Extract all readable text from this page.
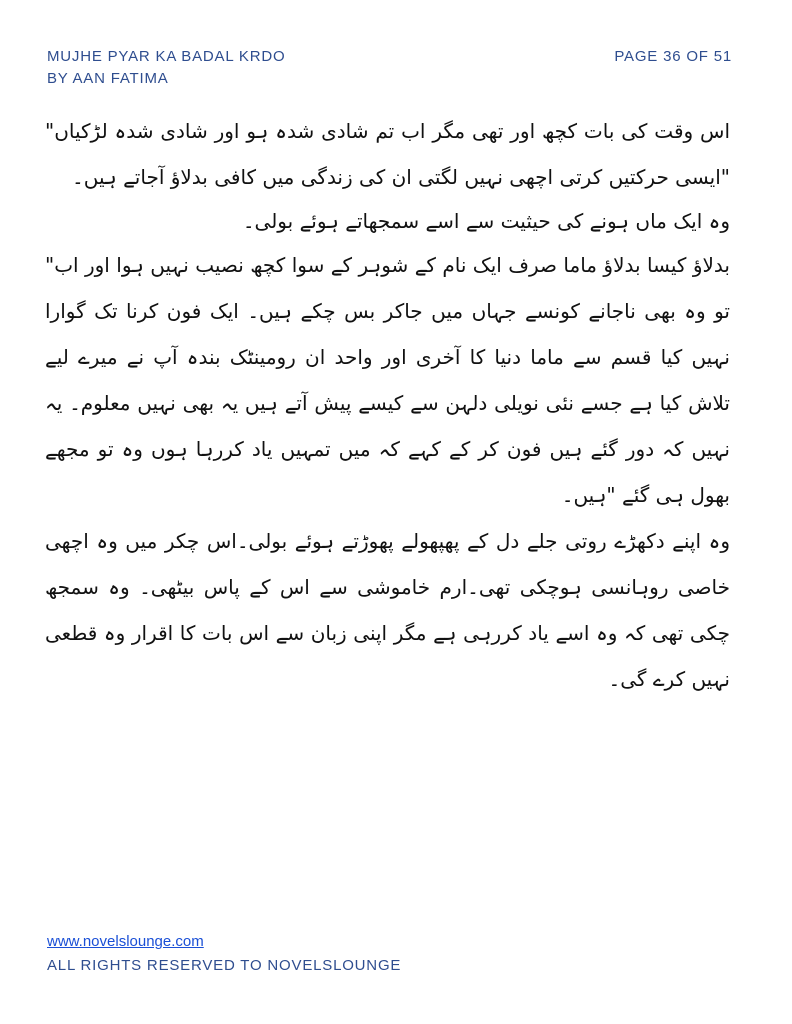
MUJHE PYAR KA BADAL KRDO
BY AAN FATIMA
PAGE 36 OF 51

اس وقت کی بات کچھ اور تھی مگر اب تم شادی شدہ ہو اور شادی شدہ لڑکیاں" "ایسی حرکتیں کرتی اچھی نہیں لگتی ان کی زندگی میں کافی بدلاؤ آجاتے ہیں۔

وہ ایک ماں ہونے کی حیثیت سے اسے سمجھاتے ہوئے بولی۔

بدلاؤ کیسا بدلاؤ ماما صرف ایک نام کے شوہر کے سوا کچھ نصیب نہیں ہوا اور اب" تو وہ بھی ناجانے کونسے جہاں میں جاکر بس چکے ہیں۔ ایک فون کرنا تک گوارا نہیں کیا قسم سے ماما دنیا کا آخری اور واحد ان رومینٹک بندہ آپ نے میرے لیے تلاش کیا ہے جسے نئی نویلی دلہن سے کیسے پیش آتے ہیں یہ بھی نہیں معلوم۔ یہ نہیں کہ دور گئے ہیں فون کر کے کہے کہ میں تمہیں یاد کررہا ہوں وہ تو مجھے بھول ہی گئے "ہیں۔

وہ اپنے دکھڑے روتی جلے دل کے پھپھولے پھوڑتے ہوئے بولی۔اس چکر میں وہ اچھی خاصی روہانسی ہوچکی تھی۔ارم خاموشی سے اس کے پاس بیٹھی۔ وہ سمجھ چکی تھی کہ وہ اسے یاد کررہی ہے مگر اپنی زبان سے اس بات کا اقرار وہ قطعی نہیں کرے گی۔

www.novelslounge.com
ALL RIGHTS RESERVED TO NOVELSLOUNGE
